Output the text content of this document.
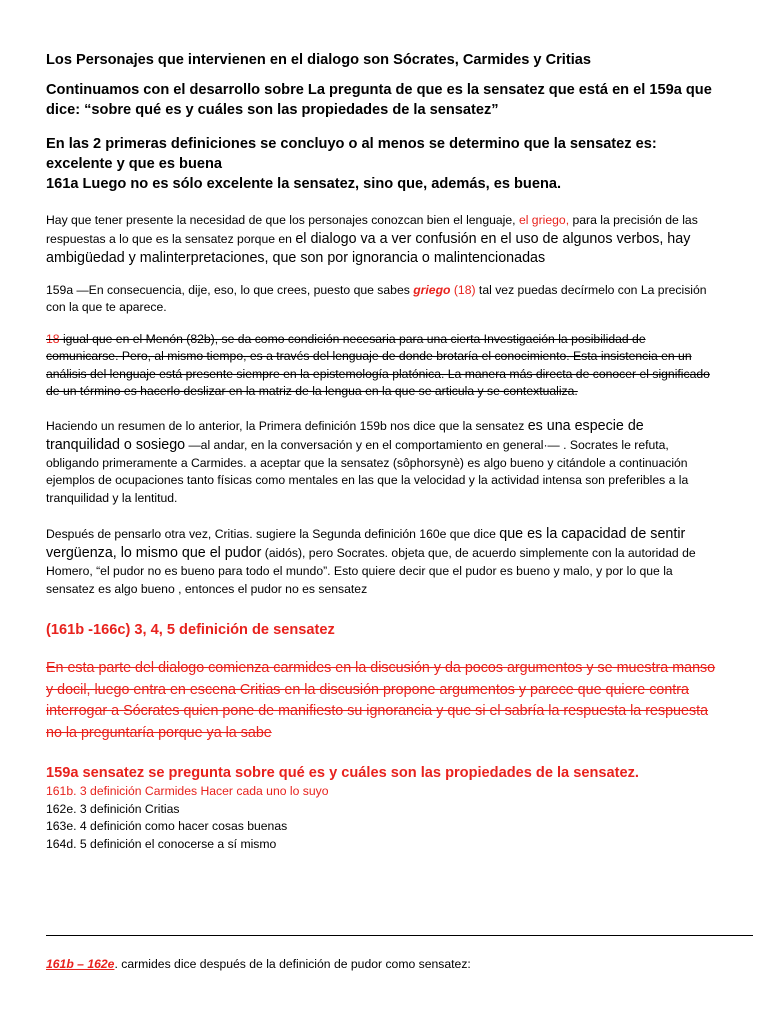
Los Personajes que intervienen en el dialogo son Sócrates, Carmides y Critias

Continuamos con el desarrollo sobre La pregunta de que es la sensatez que está en el 159a que dice: “sobre qué es y cuáles son las propiedades de la sensatez”

En las 2 primeras definiciones se concluyo o al menos se determino que la sensatez es: excelente y que es buena

161a Luego no es sólo excelente la sensatez, sino que, además, es buena.

Hay que tener presente la necesidad de que los personajes conozcan bien el lenguaje, el griego, para la precisión de las respuestas a lo que es la sensatez porque en el dialogo va a ver confusión en el uso de algunos verbos, hay ambigüedad y malinterpretaciones, que son por ignorancia o malintencionadas

159a —En consecuencia, dije, eso, lo que crees, puesto que sabes griego (18) tal vez puedas decírmelo con La precisión con la que te aparece.

18 igual que en el Menón (82b), se da como condición necesaria para una cierta Investigación la posibilidad de comunicarse. Pero, al mismo tiempo, es a través del lenguaje de donde brotaría el conocimiento. Esta insistencia en un análisis del lenguaje está presente siempre en la epistemología platónica. La manera más directa de conocer el significado de un término es hacerlo deslizar en la matriz de la lengua en la que se articula y se contextualiza.

Haciendo un resumen de lo anterior, la Primera definición 159b nos dice que la sensatez es una especie de tranquilidad o sosiego —al andar, en la conversación y en el comportamiento en general·— . Socrates le refuta, obligando primeramente a Carmides. a aceptar que la sensatez (sôphorsynè) es algo bueno y citándole a continuación ejemplos de ocupaciones tanto físicas como mentales en las que la velocidad y la actividad intensa son preferibles a la tranquilidad y la lentitud.

Después de pensarlo otra vez, Critias. sugiere la Segunda definición 160e que dice que es la capacidad de sentir vergüenza, lo mismo que el pudor (aidós), pero Socrates. objeta que, de acuerdo simplemente con la autoridad de Homero, “el pudor no es bueno para todo el mundo”. Esto quiere decir que el pudor es bueno y malo, y por lo que la sensatez es algo bueno , entonces el pudor no es sensatez

(161b -166c) 3, 4, 5 definición de sensatez

En esta parte del dialogo comienza carmides en la discusión y da pocos argumentos y se muestra manso y docil, luego entra en escena Critias en la discusión propone argumentos y parece que quiere contra interrogar a Sócrates quien pone de manifiesto su ignorancia y que si el sabría la respuesta la respuesta no la preguntaría porque ya la sabe

159a sensatez se pregunta sobre qué es y cuáles son las propiedades de la sensatez.

161b. 3 definición Carmides Hacer cada uno lo suyo

162e. 3 definición Critias

163e. 4 definición como hacer cosas buenas

164d. 5 definición el conocerse a sí mismo

161b – 162e. carmides dice después de la definición de pudor como sensatez:
